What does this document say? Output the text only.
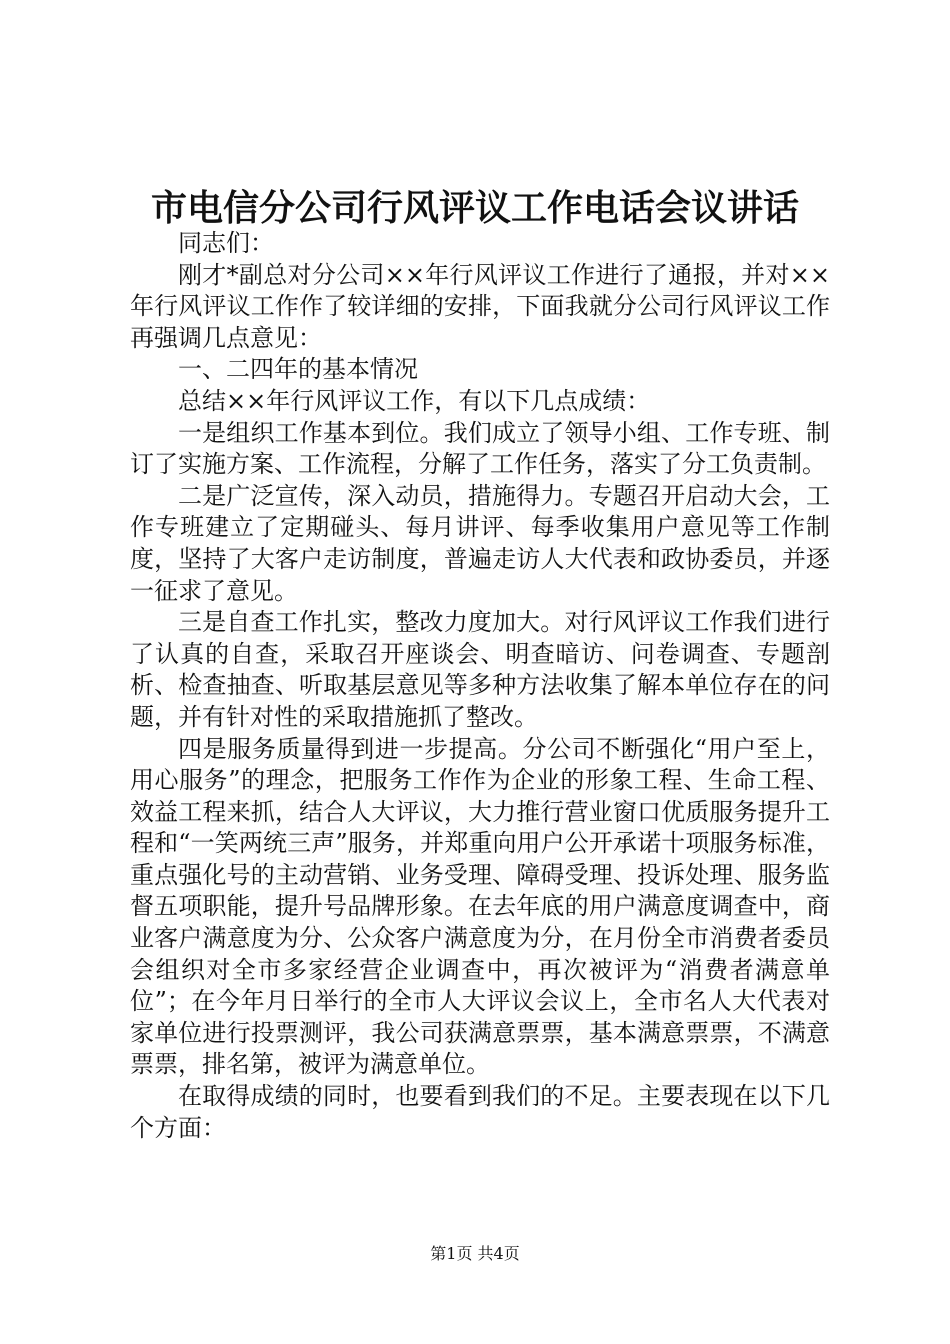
市电信分公司行风评议工作电话会议讲话

同志们：

刚才*副总对分公司××年行风评议工作进行了通报，并对××年行风评议工作作了较详细的安排，下面我就分公司行风评议工作再强调几点意见：

一、二四年的基本情况

总结××年行风评议工作，有以下几点成绩：

一是组织工作基本到位。我们成立了领导小组、工作专班、制订了实施方案、工作流程，分解了工作任务，落实了分工负责制。

二是广泛宣传，深入动员，措施得力。专题召开启动大会，工作专班建立了定期碰头、每月讲评、每季收集用户意见等工作制度，坚持了大客户走访制度，普遍走访人大代表和政协委员，并逐一征求了意见。

三是自查工作扎实，整改力度加大。对行风评议工作我们进行了认真的自查，采取召开座谈会、明查暗访、问卷调查、专题剖析、检查抽查、听取基层意见等多种方法收集了解本单位存在的问题，并有针对性的采取措施抓了整改。

四是服务质量得到进一步提高。分公司不断强化“用户至上，用心服务”的理念，把服务工作作为企业的形象工程、生命工程、效益工程来抓，结合人大评议，大力推行营业窗口优质服务提升工程和“一笑两统三声”服务，并郑重向用户公开承诺十项服务标准，重点强化号的主动营销、业务受理、障碍受理、投诉处理、服务监督五项职能，提升号品牌形象。在去年底的用户满意度调查中，商业客户满意度为分、公众客户满意度为分，在月份全市消费者委员会组织对全市多家经营企业调查中，再次被评为“消费者满意单位”；在今年月日举行的全市人大评议会议上，全市名人大代表对家单位进行投票测评，我公司获满意票票，基本满意票票，不满意票票，排名第，被评为满意单位。

在取得成绩的同时，也要看到我们的不足。主要表现在以下几个方面：

第1页 共4页
